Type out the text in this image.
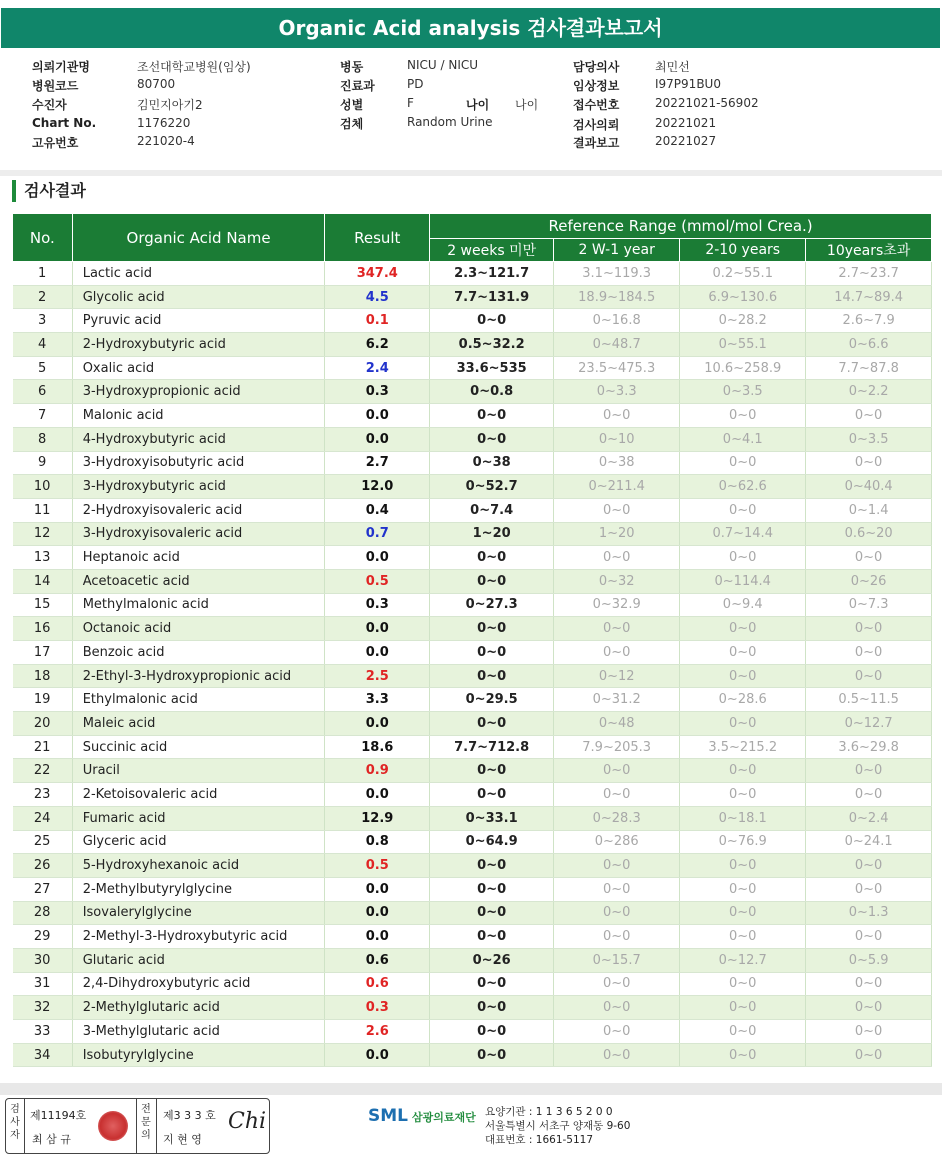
Organic Acid analysis 검사결과보고서
의뢰기관명	조선대학교병원(임상)
병원코드	80700
수진자	김민지아기2
Chart No.	1176220
고유번호	221020-4
병동	NICU / NICU
진료과	PD
성별	F	나이 나이
검체	Random Urine
담당의사	최민선
임상정보	I97P91BU0
접수번호	20221021-56902
검사의뢰	20221021
결과보고	20221027
검사결과
No.	Organic Acid Name	Result	Reference Range (mmol/mol Crea.)			
			2 weeks 미만	2 W-1 year	2-10 years	10years초과
1	Lactic acid	347.4	2.3~121.7	3.1~119.3	0.2~55.1	2.7~23.7
2	Glycolic acid	4.5	7.7~131.9	18.9~184.5	6.9~130.6	14.7~89.4
3	Pyruvic acid	0.1	0~0	0~16.8	0~28.2	2.6~7.9
4	2-Hydroxybutyric acid	6.2	0.5~32.2	0~48.7	0~55.1	0~6.6
5	Oxalic acid	2.4	33.6~535	23.5~475.3	10.6~258.9	7.7~87.8
6	3-Hydroxypropionic acid	0.3	0~0.8	0~3.3	0~3.5	0~2.2
7	Malonic acid	0.0	0~0	0~0	0~0	0~0
8	4-Hydroxybutyric acid	0.0	0~0	0~10	0~4.1	0~3.5
9	3-Hydroxyisobutyric acid	2.7	0~38	0~38	0~0	0~0
10	3-Hydroxybutyric acid	12.0	0~52.7	0~211.4	0~62.6	0~40.4
11	2-Hydroxyisovaleric acid	0.4	0~7.4	0~0	0~0	0~1.4
12	3-Hydroxyisovaleric acid	0.7	1~20	1~20	0.7~14.4	0.6~20
13	Heptanoic acid	0.0	0~0	0~0	0~0	0~0
14	Acetoacetic acid	0.5	0~0	0~32	0~114.4	0~26
15	Methylmalonic acid	0.3	0~27.3	0~32.9	0~9.4	0~7.3
16	Octanoic acid	0.0	0~0	0~0	0~0	0~0
17	Benzoic acid	0.0	0~0	0~0	0~0	0~0
18	2-Ethyl-3-Hydroxypropionic acid	2.5	0~0	0~12	0~0	0~0
19	Ethylmalonic acid	3.3	0~29.5	0~31.2	0~28.6	0.5~11.5
20	Maleic acid	0.0	0~0	0~48	0~0	0~12.7
21	Succinic acid	18.6	7.7~712.8	7.9~205.3	3.5~215.2	3.6~29.8
22	Uracil	0.9	0~0	0~0	0~0	0~0
23	2-Ketoisovaleric acid	0.0	0~0	0~0	0~0	0~0
24	Fumaric acid	12.9	0~33.1	0~28.3	0~18.1	0~2.4
25	Glyceric acid	0.8	0~64.9	0~286	0~76.9	0~24.1
26	5-Hydroxyhexanoic acid	0.5	0~0	0~0	0~0	0~0
27	2-Methylbutyrylglycine	0.0	0~0	0~0	0~0	0~0
28	Isovalerylglycine	0.0	0~0	0~0	0~0	0~1.3
29	2-Methyl-3-Hydroxybutyric acid	0.0	0~0	0~0	0~0	0~0
30	Glutaric acid	0.6	0~26	0~15.7	0~12.7	0~5.9
31	2,4-Dihydroxybutyric acid	0.6	0~0	0~0	0~0	0~0
32	2-Methylglutaric acid	0.3	0~0	0~0	0~0	0~0
33	3-Methylglutaric acid	2.6	0~0	0~0	0~0	0~0
34	Isobutyrylglycine	0.0	0~0	0~0	0~0	0~0
검사자
제11194호
최 삼 규
전문의
제3 3 3 호
지 현 영
Chi	SML 삼광의료재단 요양기관 : 1 1 3 6 5 2 0 0
서울특별시 서초구 양재동 9-60
대표번호 : 1661-5117
